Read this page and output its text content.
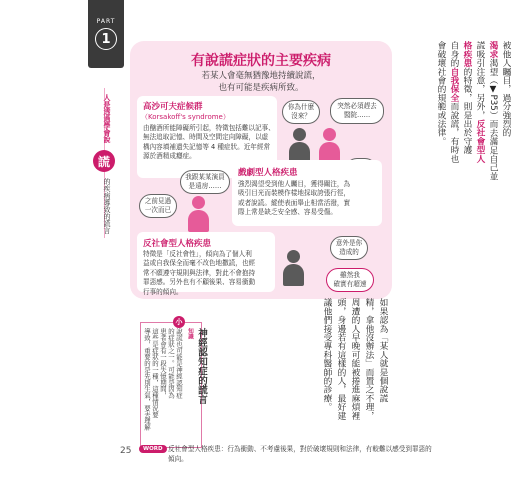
PART
1
人是透過學會說
謊
的疾病導致的謊言
有說謊症狀的主要疾病
若某人會毫無猶豫地持續說謊，
也有可能是疾病所致。
高沙可夫症候群
（Korsakoff's syndrome）
由酗酒所能障礙所引起，特徵包括難以記事、
無法追取記憶、時間及空間定向障礙，以虛
構內容填補遺失記憶等 4 種症狀。近年經常
源於酒精成癮症。
你為什麼
沒來？
突然必須趕去
醫院……
戲劇型人格疾患
強烈渴望受到他人矚目，獲得關注，為
吸引目光而裝模作樣地採取誇張行徑，
或者說謊。縱使表面舉止相當活潑，實
際上常是缺乏安全感、容易受傷。
我跟某某演員
是遠房……
之前見過
一次而已
反社會型人格疾患
特徵是「反社會性」，傾向為了個人利
益或自我保全而毫不改色地撒謊，也經
常不願遵守規則與法律，對此不會抱持
罪惡感。另外也有不顧後果、容易衝動
行事的傾向。
意外是你
造成的
雖然我
確實有超速
被他人矚目，過分強烈的
渴求渴望（▼P35）而去滿足自己並
謊吸引注意，另外，反社會型人
格疾患的特徵，則是出於守護
自身的自我保全而說謊，有時也
會破壞社會的規範或法律。
如果認為「某人就是個說謊
精，拿他沒辦法」而置之不理，
周遭的人早晚可能被捲進麻煩裡
頭，身邊若有這樣的人，最好建
議他們接受專科醫師的診療。
小
知識 神經認知症的謊言
說謊也可能是神經認知症
的症狀之一。可能是因為
患者會有一段失憶期間，
這些是症狀的一種，這種情況要
導致，重要的是先別生氣，要去理解
25	WORD 反社會型人格疾患：行為衝動、不考慮後果，對於破壞規則和法律，有較難以感受到罪惡的
傾向。
